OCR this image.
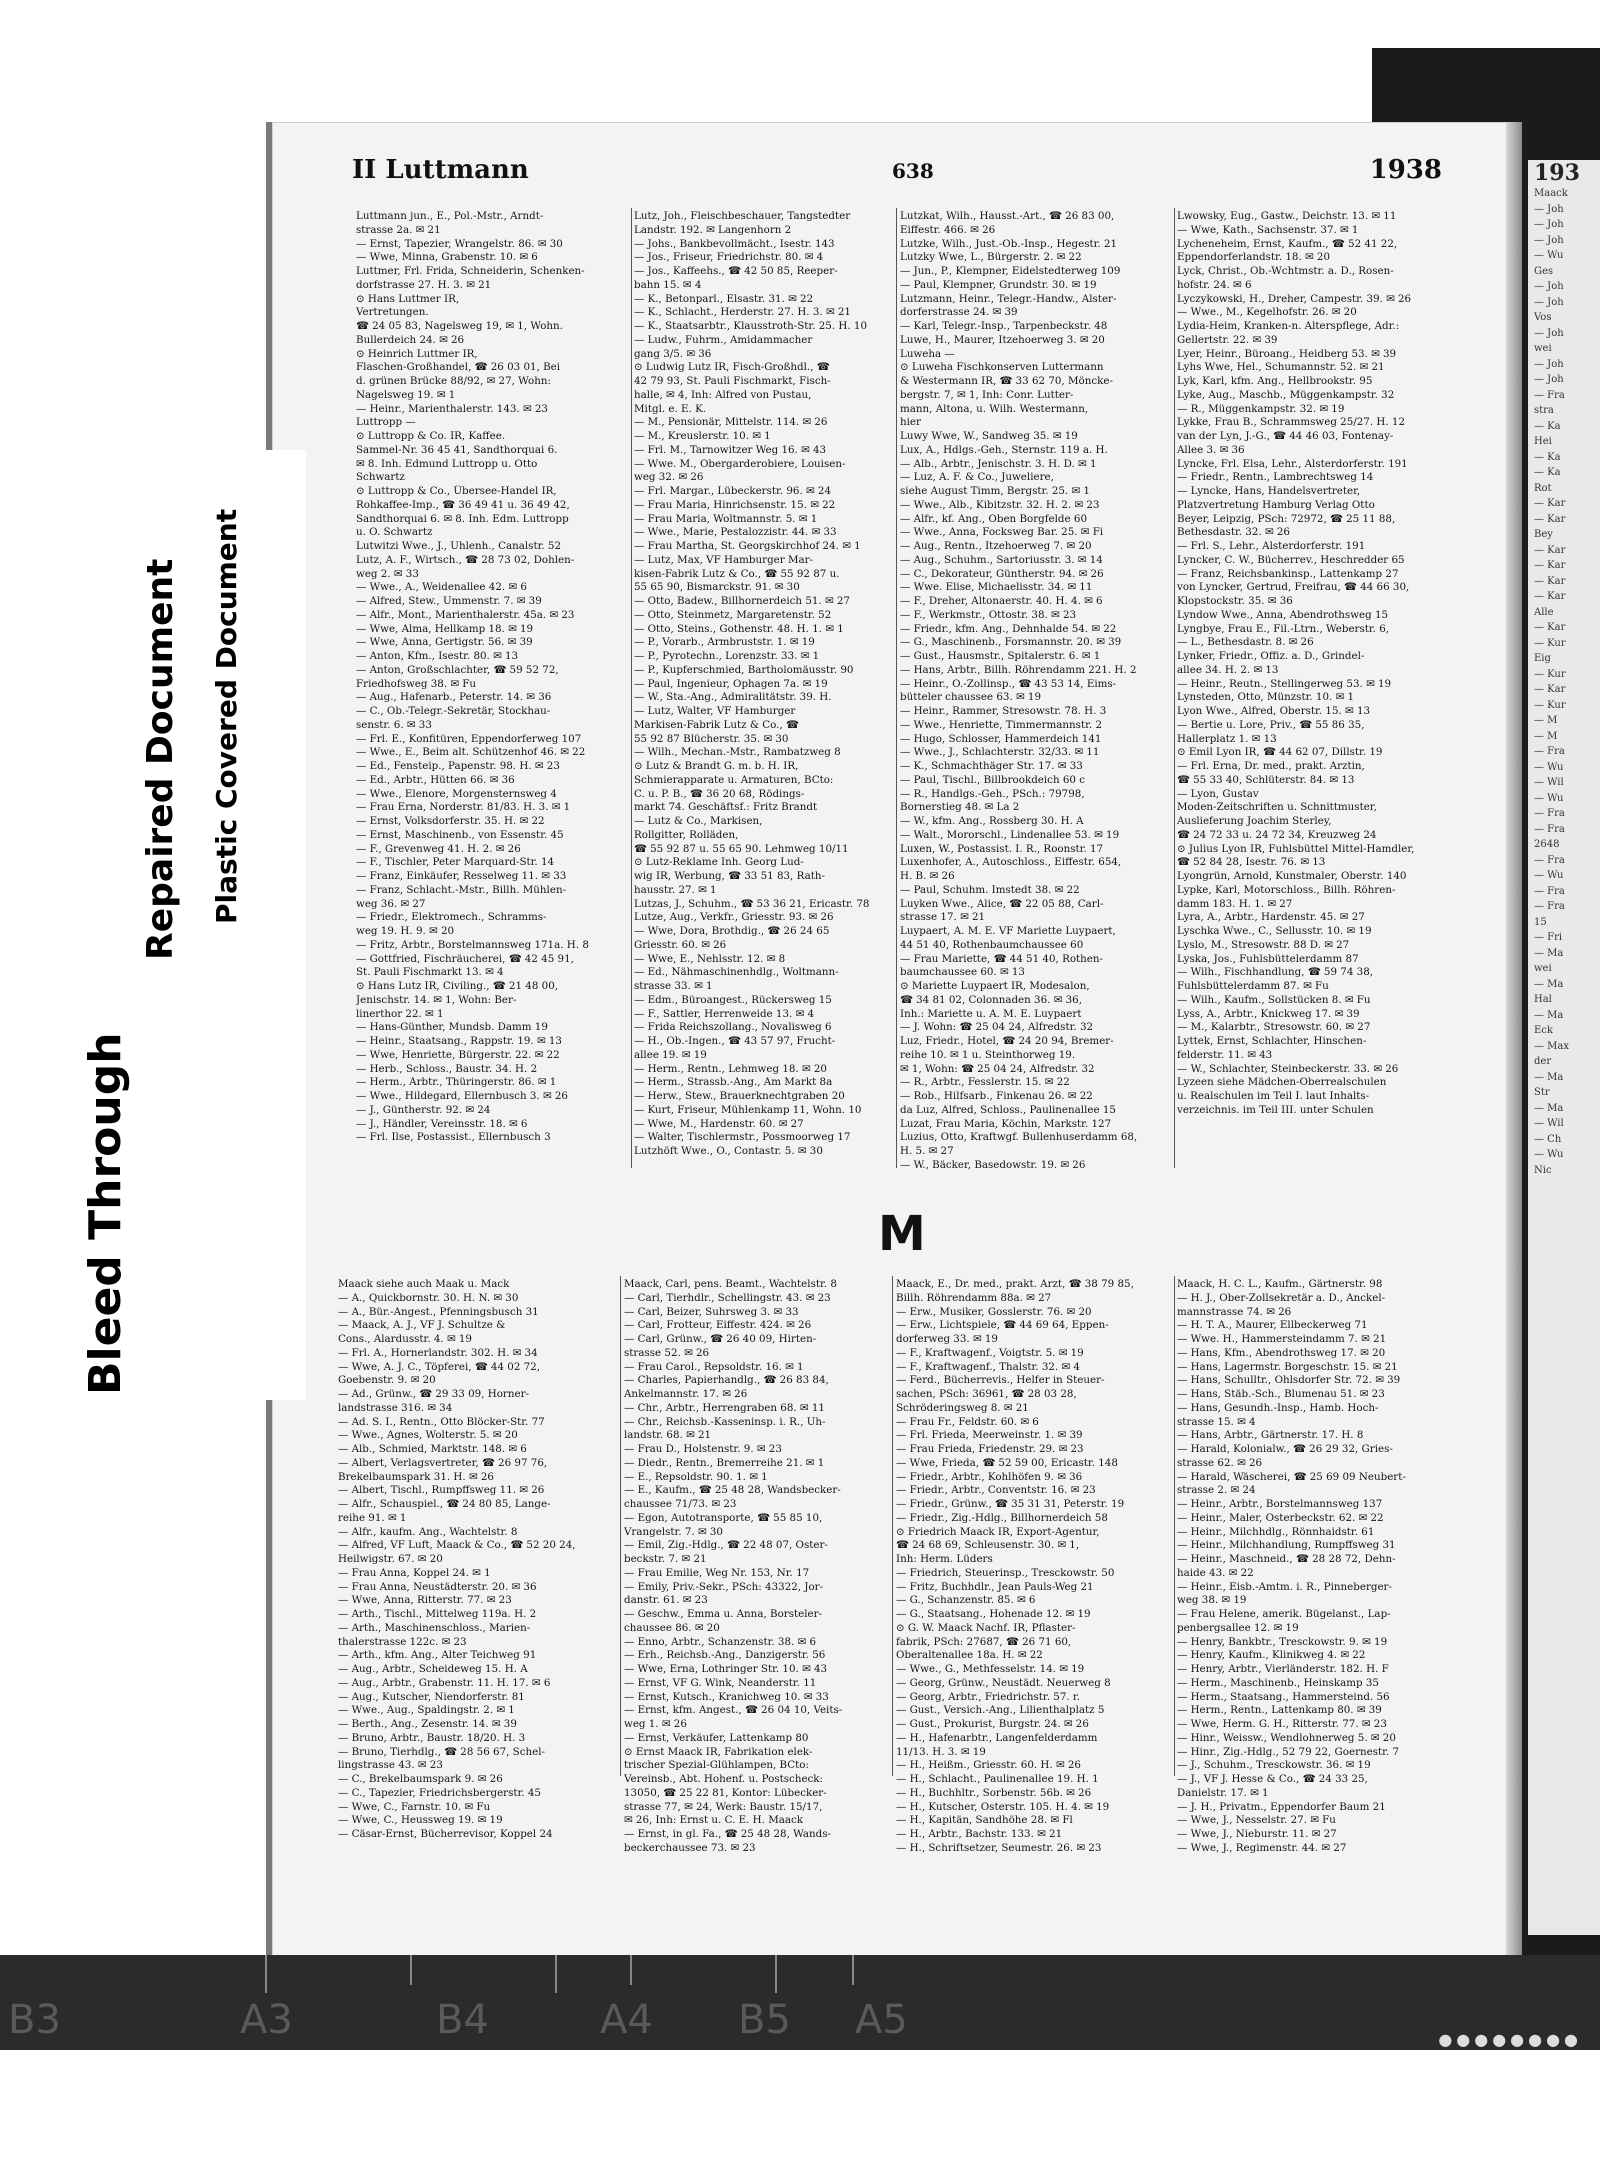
193
Maack
— Joh
— Joh
— Joh
— Wu
Ges
— Joh
— Joh
Vos
— Joh
wei
— Joh
— Joh
— Fra
stra
— Ka
Hei
— Ka
— Ka
Rot
— Kar
— Kar
Bey
— Kar
— Kar
— Kar
— Kar
Alle
— Kar
— Kur
Eig
— Kur
— Kar
— Kur
— M
— M
— Fra
— Wu
— Wil
— Wu
— Fra
— Fra
2648
— Fra
— Wu
— Fra
— Fra
15
— Fri
— Ma
wei
— Ma
Hal
— Ma
Eck
— Max
der
— Ma
Str
— Ma
— Wil
— Ch
— Wu
Nic
II Luttmann	638	1938
Luttmann jun., E., Pol.-Mstr., Arndt-
strasse 2a. ✉ 21
— Ernst, Tapezier, Wrangelstr. 86. ✉ 30
— Wwe, Minna, Grabenstr. 10. ✉ 6
Luttmer, Frl. Frida, Schneiderin, Schenken-
dorfstrasse 27. H. 3. ✉ 21
⊙ Hans Luttmer IR,
Vertretungen.
☎ 24 05 83, Nagelsweg 19, ✉ 1, Wohn.
Bullerdeich 24. ✉ 26
⊙ Heinrich Luttmer IR,
Flaschen-Großhandel, ☎ 26 03 01, Bei
d. grünen Brücke 88/92, ✉ 27, Wohn:
Nagelsweg 19. ✉ 1
— Heinr., Marienthalerstr. 143. ✉ 23
Luttropp —
⊙ Luttropp & Co. IR, Kaffee.
Sammel-Nr. 36 45 41, Sandthorquai 6.
✉ 8. Inh. Edmund Luttropp u. Otto
Schwartz
⊙ Luttropp & Co., Übersee-Handel IR,
Rohkaffee-Imp., ☎ 36 49 41 u. 36 49 42,
Sandthorquai 6. ✉ 8. Inh. Edm. Luttropp
u. O. Schwartz
Lutwitzi Wwe., J., Uhlenh., Canalstr. 52
Lutz, A. F., Wirtsch., ☎ 28 73 02, Dohlen-
weg 2. ✉ 33
— Wwe., A., Weidenallee 42. ✉ 6
— Alfred, Stew., Ummenstr. 7. ✉ 39
— Alfr., Mont., Marienthalerstr. 45a. ✉ 23
— Wwe, Alma, Hellkamp 18. ✉ 19
— Wwe, Anna, Gertigstr. 56. ✉ 39
— Anton, Kfm., Isestr. 80. ✉ 13
— Anton, Großschlachter, ☎ 59 52 72,
Friedhofsweg 38. ✉ Fu
— Aug., Hafenarb., Peterstr. 14. ✉ 36
— C., Ob.-Telegr.-Sekretär, Stockhau-
senstr. 6. ✉ 33
— Frl. E., Konfitüren, Eppendorferweg 107
— Wwe., E., Beim alt. Schützenhof 46. ✉ 22
— Ed., Fensteip., Papenstr. 98. H. ✉ 23
— Ed., Arbtr., Hütten 66. ✉ 36
— Wwe., Elenore, Morgensternsweg 4
— Frau Erna, Norderstr. 81/83. H. 3. ✉ 1
— Ernst, Volksdorferstr. 35. H. ✉ 22
— Ernst, Maschinenb., von Essenstr. 45
— F., Grevenweg 41. H. 2. ✉ 26
— F., Tischler, Peter Marquard-Str. 14
— Franz, Einkäufer, Resselweg 11. ✉ 33
— Franz, Schlacht.-Mstr., Billh. Mühlen-
weg 36. ✉ 27
— Friedr., Elektromech., Schramms-
weg 19. H. 9. ✉ 20
— Fritz, Arbtr., Borstelmannsweg 171a. H. 8
— Gottfried, Fischräucherei, ☎ 42 45 91,
St. Pauli Fischmarkt 13. ✉ 4
⊙ Hans Lutz IR, Civiling., ☎ 21 48 00,
Jenischstr. 14. ✉ 1, Wohn: Ber-
linerthor 22. ✉ 1
— Hans-Günther, Mundsb. Damm 19
— Heinr., Staatsang., Rappstr. 19. ✉ 13
— Wwe, Henriette, Bürgerstr. 22. ✉ 22
— Herb., Schloss., Baustr. 34. H. 2
— Herm., Arbtr., Thüringerstr. 86. ✉ 1
— Wwe., Hildegard, Ellernbusch 3. ✉ 26
— J., Güntherstr. 92. ✉ 24
— J., Händler, Vereinsstr. 18. ✉ 6
— Frl. Ilse, Postassist., Ellernbusch 3
Lutz, Joh., Fleischbeschauer, Tangstedter
Landstr. 192. ✉ Langenhorn 2
— Johs., Bankbevollmächt., Isestr. 143
— Jos., Friseur, Friedrichstr. 80. ✉ 4
— Jos., Kaffeehs., ☎ 42 50 85, Reeper-
bahn 15. ✉ 4
— K., Betonparl., Elsastr. 31. ✉ 22
— K., Schlacht., Herderstr. 27. H. 3. ✉ 21
— K., Staatsarbtr., Klausstroth-Str. 25. H. 10
— Ludw., Fuhrm., Amidammacher
gang 3/5. ✉ 36
⊙ Ludwig Lutz IR, Fisch-Großhdl., ☎
42 79 93, St. Pauli Fischmarkt, Fisch-
halle, ✉ 4, Inh: Alfred von Pustau,
Mitgl. e. E. K.
— M., Pensionär, Mittelstr. 114. ✉ 26
— M., Kreuslerstr. 10. ✉ 1
— Frl. M., Tarnowitzer Weg 16. ✉ 43
— Wwe. M., Obergarderobiere, Louisen-
weg 32. ✉ 26
— Frl. Margar., Lübeckerstr. 96. ✉ 24
— Frau Maria, Hinrichsenstr. 15. ✉ 22
— Frau Maria, Woltmannstr. 5. ✉ 1
— Wwe., Marie, Pestalozzistr. 44. ✉ 33
— Frau Martha, St. Georgskirchhof 24. ✉ 1
— Lutz, Max, VF Hamburger Mar-
kisen-Fabrik Lutz & Co., ☎ 55 92 87 u.
55 65 90, Bismarckstr. 91. ✉ 30
— Otto, Badew., Billhornerdeich 51. ✉ 27
— Otto, Steinmetz, Margaretenstr. 52
— Otto, Steins., Gothenstr. 48. H. 1. ✉ 1
— P., Vorarb., Armbruststr. 1. ✉ 19
— P., Pyrotechn., Lorenzstr. 33. ✉ 1
— P., Kupferschmied, Bartholomäusstr. 90
— Paul, Ingenieur, Ophagen 7a. ✉ 19
— W., Sta.-Ang., Admiralitätstr. 39. H.
— Lutz, Walter, VF Hamburger
Markisen-Fabrik Lutz & Co., ☎
55 92 87 Blücherstr. 35. ✉ 30
— Wilh., Mechan.-Mstr., Rambatzweg 8
⊙ Lutz & Brandt G. m. b. H. IR,
Schmierapparate u. Armaturen, BCto:
C. u. P. B., ☎ 36 20 68, Rödings-
markt 74. Geschäftsf.: Fritz Brandt
— Lutz & Co., Markisen,
Rollgitter, Rolläden,
☎ 55 92 87 u. 55 65 90. Lehmweg 10/11
⊙ Lutz-Reklame Inh. Georg Lud-
wig IR, Werbung, ☎ 33 51 83, Rath-
hausstr. 27. ✉ 1
Lutzas, J., Schuhm., ☎ 53 36 21, Ericastr. 78
Lutze, Aug., Verkfr., Griesstr. 93. ✉ 26
— Wwe, Dora, Brothdig., ☎ 26 24 65
Griesstr. 60. ✉ 26
— Wwe, E., Nehlsstr. 12. ✉ 8
— Ed., Nähmaschinenhdlg., Woltmann-
strasse 33. ✉ 1
— Edm., Büroangest., Rückersweg 15
— F., Sattler, Herrenweide 13. ✉ 4
— Frida Reichszollang., Novalisweg 6
— H., Ob.-Ingen., ☎ 43 57 97, Frucht-
allee 19. ✉ 19
— Herm., Rentn., Lehmweg 18. ✉ 20
— Herm., Strassb.-Ang., Am Markt 8a
— Herw., Stew., Brauerknechtgraben 20
— Kurt, Friseur, Mühlenkamp 11, Wohn. 10
— Wwe, M., Hardenstr. 60. ✉ 27
— Walter, Tischlermstr., Possmoorweg 17
Lutzhöft Wwe., O., Contastr. 5. ✉ 30
Lutzkat, Wilh., Hausst.-Art., ☎ 26 83 00,
Eiffestr. 466. ✉ 26
Lutzke, Wilh., Just.-Ob.-Insp., Hegestr. 21
Lutzky Wwe, L., Bürgerstr. 2. ✉ 22
— Jun., P., Klempner, Eidelstedterweg 109
— Paul, Klempner, Grundstr. 30. ✉ 19
Lutzmann, Heinr., Telegr.-Handw., Alster-
dorferstrasse 24. ✉ 39
— Karl, Telegr.-Insp., Tarpenbeckstr. 48
Luwe, H., Maurer, Itzehoerweg 3. ✉ 20
Luweha —
⊙ Luweha Fischkonserven Luttermann
& Westermann IR, ☎ 33 62 70, Mönckе-
bergstr. 7, ✉ 1, Inh: Conr. Lutter-
mann, Altona, u. Wilh. Westermann,
hier
Luwy Wwe, W., Sandweg 35. ✉ 19
Lux, A., Hdlgs.-Geh., Sternstr. 119 a. H.
— Alb., Arbtr., Jenischstr. 3. H. D. ✉ 1
— Luz, A. F. & Co., Juweliere,
siehe August Timm, Bergstr. 25. ✉ 1
— Wwe., Alb., Kibitzstr. 32. H. 2. ✉ 23
— Alfr., kf. Ang., Oben Borgfelde 60
— Wwe., Anna, Focksweg Bar. 25. ✉ Fi
— Aug., Rentn., Itzehoerweg 7. ✉ 20
— Aug., Schuhm., Sartoriusstr. 3. ✉ 14
— C., Dekorateur, Güntherstr. 94. ✉ 26
— Wwe. Elise, Michaelisstr. 34. ✉ 11
— F., Dreher, Altonaerstr. 40. H. 4. ✉ 6
— F., Werkmstr., Ottostr. 38. ✉ 23
— Friedr., kfm. Ang., Dehnhalde 54. ✉ 22
— G., Maschinenb., Forsmannstr. 20. ✉ 39
— Gust., Hausmstr., Spitalerstr. 6. ✉ 1
— Hans, Arbtr., Billh. Röhrendamm 221. H. 2
— Heinr., O.-Zollinsp., ☎ 43 53 14, Eims-
bütteler chaussee 63. ✉ 19
— Heinr., Rammer, Stresowstr. 78. H. 3
— Wwe., Henriette, Timmermannstr. 2
— Hugo, Schlosser, Hammerdeich 141
— Wwe., J., Schlachterstr. 32/33. ✉ 11
— K., Schmachthäger Str. 17. ✉ 33
— Paul, Tischl., Billbrookdeich 60 c
— R., Handlgs.-Geh., PSch.: 79798,
Bornerstieg 48. ✉ La 2
— W., kfm. Ang., Rossberg 30. H. A
— Walt., Mororschl., Lindenallee 53. ✉ 19
Luxen, W., Postassist. I. R., Roonstr. 17
Luxenhofer, A., Autoschloss., Eiffestr. 654,
H. B. ✉ 26
— Paul, Schuhm. Imstedt 38. ✉ 22
Luyken Wwe., Alice, ☎ 22 05 88, Carl-
strasse 17. ✉ 21
Luypaert, A. M. E. VF Mariette Luypaert,
44 51 40, Rothenbaumchaussee 60
— Frau Mariette, ☎ 44 51 40, Rothen-
baumchaussee 60. ✉ 13
⊙ Mariette Luypaert IR, Modesalon,
☎ 34 81 02, Colonnaden 36. ✉ 36,
Inh.: Mariette u. A. M. E. Luypaert
— J. Wohn: ☎ 25 04 24, Alfredstr. 32
Luz, Friedr., Hotel, ☎ 24 20 94, Bremer-
reihe 10. ✉ 1 u. Steinthorweg 19.
✉ 1, Wohn: ☎ 25 04 24, Alfredstr. 32
— R., Arbtr., Fesslerstr. 15. ✉ 22
— Rob., Hilfsarb., Finkenau 26. ✉ 22
da Luz, Alfred, Schloss., Paulinenallee 15
Luzat, Frau Maria, Köchin, Markstr. 127
Luzius, Otto, Kraftwgf. Bullenhuserdamm 68,
H. 5. ✉ 27
— W., Bäcker, Basedowstr. 19. ✉ 26
Lwowsky, Eug., Gastw., Deichstr. 13. ✉ 11
— Wwe, Kath., Sachsenstr. 37. ✉ 1
Lycheneheim, Ernst, Kaufm., ☎ 52 41 22,
Eppendorferlandstr. 18. ✉ 20
Lyck, Christ., Ob.-Wchtmstr. a. D., Rosen-
hofstr. 24. ✉ 6
Lyczykowski, H., Dreher, Campestr. 39. ✉ 26
— Wwe., M., Kegelhofstr. 26. ✉ 20
Lydia-Heim, Kranken-n. Alterspflege, Adr.:
Gellertstr. 22. ✉ 39
Lyer, Heinr., Büroang., Heidberg 53. ✉ 39
Lyhs Wwe, Hel., Schumannstr. 52. ✉ 21
Lyk, Karl, kfm. Ang., Hellbrookstr. 95
Lyke, Aug., Maschb., Müggenkampstr. 32
— R., Müggenkampstr. 32. ✉ 19
Lykke, Frau B., Schrammsweg 25/27. H. 12
van der Lyn, J.-G., ☎ 44 46 03, Fontenay-
Allee 3. ✉ 36
Lyncke, Frl. Elsa, Lehr., Alsterdorferstr. 191
— Friedr., Rentn., Lambrechtsweg 14
— Lyncke, Hans, Handelsvertreter,
Platzvertretung Hamburg Verlag Otto
Beyer, Leipzig, PSch: 72972, ☎ 25 11 88,
Bethesdastr. 32. ✉ 26
— Frl. S., Lehr., Alsterdorferstr. 191
Lyncker, C. W., Bücherrev., Heschredder 65
— Franz, Reichsbankinsp., Lattenkamp 27
von Lyncker, Gertrud, Freifrau, ☎ 44 66 30,
Klopstockstr. 35. ✉ 36
Lyndow Wwe., Anna, Abendrothsweg 15
Lyngbye, Frau E., Fil.-Ltrn., Weberstr. 6,
— L., Bethesdastr. 8. ✉ 26
Lynker, Friedr., Offiz. a. D., Grindel-
allee 34. H. 2. ✉ 13
— Heinr., Reutn., Stellingerweg 53. ✉ 19
Lynsteden, Otto, Münzstr. 10. ✉ 1
Lyon Wwe., Alfred, Oberstr. 15. ✉ 13
— Bertie u. Lore, Priv., ☎ 55 86 35,
Hallerplatz 1. ✉ 13
⊙ Emil Lyon IR, ☎ 44 62 07, Dillstr. 19
— Frl. Erna, Dr. med., prakt. Arztin,
☎ 55 33 40, Schlüterstr. 84. ✉ 13
— Lyon, Gustav
Moden-Zeitschriften u. Schnittmuster,
Auslieferung Joachim Sterley,
☎ 24 72 33 u. 24 72 34, Kreuzweg 24
⊙ Julius Lyon IR, Fuhlsbüttel Mittel-Hamdler,
☎ 52 84 28, Isestr. 76. ✉ 13
Lyongrün, Arnold, Kunstmaler, Oberstr. 140
Lypke, Karl, Motorschloss., Billh. Röhren-
damm 183. H. 1. ✉ 27
Lyra, A., Arbtr., Hardenstr. 45. ✉ 27
Lyschka Wwe., C., Sellusstr. 10. ✉ 19
Lyslo, M., Stresowstr. 88 D. ✉ 27
Lyska, Jos., Fuhlsbüttelerdamm 87
— Wilh., Fischhandlung, ☎ 59 74 38,
Fuhlsbüttelerdamm 87. ✉ Fu
— Wilh., Kaufm., Sollstücken 8. ✉ Fu
Lyss, A., Arbtr., Knickweg 17. ✉ 39
— M., Kalarbtr., Stresowstr. 60. ✉ 27
Lyttek, Ernst, Schlachter, Hinschen-
felderstr. 11. ✉ 43
— W., Schlachter, Steinbeckerstr. 33. ✉ 26
Lyzeen siehe Mädchen-Oberrealschulen
u. Realschulen im Teil I. laut Inhalts-
verzeichnis. im Teil III. unter Schulen
M
Maack siehe auch Maak u. Mack
— A., Quickbornstr. 30. H. N. ✉ 30
— A., Bür.-Angest., Pfenningsbusch 31
— Maack, A. J., VF J. Schultze &
Cons., Alardusstr. 4. ✉ 19
— Frl. A., Hornerlandstr. 302. H. ✉ 34
— Wwe, A. J. C., Töpferei, ☎ 44 02 72,
Goebenstr. 9. ✉ 20
— Ad., Grünw., ☎ 29 33 09, Horner-
landstrasse 316. ✉ 34
— Ad. S. I., Rentn., Otto Blöcker-Str. 77
— Wwe., Agnes, Wolterstr. 5. ✉ 20
— Alb., Schmied, Marktstr. 148. ✉ 6
— Albert, Verlagsvertreter, ☎ 26 97 76,
Brekelbaumspark 31. H. ✉ 26
— Albert, Tischl., Rumpffsweg 11. ✉ 26
— Alfr., Schauspiel., ☎ 24 80 85, Lange-
reihe 91. ✉ 1
— Alfr., kaufm. Ang., Wachtelstr. 8
— Alfred, VF Luft, Maack & Co., ☎ 52 20 24,
Heilwigstr. 67. ✉ 20
— Frau Anna, Koppel 24. ✉ 1
— Frau Anna, Neustädterstr. 20. ✉ 36
— Wwe, Anna, Ritterstr. 77. ✉ 23
— Arth., Tischl., Mittelweg 119a. H. 2
— Arth., Maschinenschloss., Marien-
thalerstrasse 122c. ✉ 23
— Arth., kfm. Ang., Alter Teichweg 91
— Aug., Arbtr., Scheideweg 15. H. A
— Aug., Arbtr., Grabenstr. 11. H. 17. ✉ 6
— Aug., Kutscher, Niendorferstr. 81
— Wwe., Aug., Spaldingstr. 2. ✉ 1
— Berth., Ang., Zesenstr. 14. ✉ 39
— Bruno, Arbtr., Baustr. 18/20. H. 3
— Bruno, Tierhdlg., ☎ 28 56 67, Schel-
lingstrasse 43. ✉ 23
— C., Brekelbaumspark 9. ✉ 26
— C., Tapezier, Friedrichsbergerstr. 45
— Wwe, C., Farnstr. 10. ✉ Fu
— Wwe, C., Heussweg 19. ✉ 19
— Cäsar-Ernst, Bücherrevisor, Koppel 24
Maack, Carl, pens. Beamt., Wachtelstr. 8
— Carl, Tierhdlr., Schellingstr. 43. ✉ 23
— Carl, Beizer, Suhrsweg 3. ✉ 33
— Carl, Frotteur, Eiffestr. 424. ✉ 26
— Carl, Grünw., ☎ 26 40 09, Hirten-
strasse 52. ✉ 26
— Frau Carol., Repsoldstr. 16. ✉ 1
— Charles, Papierhandlg., ☎ 26 83 84,
Ankelmannstr. 17. ✉ 26
— Chr., Arbtr., Herrengraben 68. ✉ 11
— Chr., Reichsb.-Kasseninsp. i. R., Uh-
landstr. 68. ✉ 21
— Frau D., Holstenstr. 9. ✉ 23
— Diedr., Rentn., Bremerreihe 21. ✉ 1
— E., Repsoldstr. 90. 1. ✉ 1
— E., Kaufm., ☎ 25 48 28, Wandsbecker-
chaussee 71/73. ✉ 23
— Egon, Autotransporte, ☎ 55 85 10,
Vrangelstr. 7. ✉ 30
— Emil, Zig.-Hdlg., ☎ 22 48 07, Oster-
beckstr. 7. ✉ 21
— Frau Emilie, Weg Nr. 153, Nr. 17
— Emily, Priv.-Sekr., PSch: 43322, Jor-
danstr. 61. ✉ 23
— Geschw., Emma u. Anna, Borsteler-
chaussee 86. ✉ 20
— Enno, Arbtr., Schanzenstr. 38. ✉ 6
— Erh., Reichsb.-Ang., Danzigerstr. 56
— Wwe, Erna, Lothringer Str. 10. ✉ 43
— Ernst, VF G. Wink, Neanderstr. 11
— Ernst, Kutsch., Kranichweg 10. ✉ 33
— Ernst, kfm. Angest., ☎ 26 04 10, Veits-
weg 1. ✉ 26
— Ernst, Verkäufer, Lattenkamp 80
⊙ Ernst Maack IR, Fabrikation elek-
trischer Spezial-Glühlampen, BCto:
Vereinsb., Abt. Hohenf. u. Postscheck:
13050, ☎ 25 22 81, Kontor: Lübecker-
strasse 77, ✉ 24, Werk: Baustr. 15/17,
✉ 26, Inh: Ernst u. C. E. H. Maack
— Ernst, in gl. Fa., ☎ 25 48 28, Wands-
beckerchaussee 73. ✉ 23
Maack, E., Dr. med., prakt. Arzt, ☎ 38 79 85,
Billh. Röhrendamm 88a. ✉ 27
— Erw., Musiker, Gosslerstr. 76. ✉ 20
— Erw., Lichtspiele, ☎ 44 69 64, Eppen-
dorferweg 33. ✉ 19
— F., Kraftwagenf., Voigtstr. 5. ✉ 19
— F., Kraftwagenf., Thalstr. 32. ✉ 4
— Ferd., Bücherrevis., Helfer in Steuer-
sachen, PSch: 36961, ☎ 28 03 28,
Schröderingsweg 8. ✉ 21
— Frau Fr., Feldstr. 60. ✉ 6
— Frl. Frieda, Meerweinstr. 1. ✉ 39
— Frau Frieda, Friedenstr. 29. ✉ 23
— Wwe, Frieda, ☎ 52 59 00, Ericastr. 148
— Friedr., Arbtr., Kohlhöfen 9. ✉ 36
— Friedr., Arbtr., Conventstr. 16. ✉ 23
— Friedr., Grünw., ☎ 35 31 31, Peterstr. 19
— Friedr., Zig.-Hdlg., Billhornerdeich 58
⊙ Friedrich Maack IR, Export-Agentur,
☎ 24 68 69, Schleusenstr. 30. ✉ 1,
Inh: Herm. Lüders
— Friedrich, Steuerinsp., Tresckowstr. 50
— Fritz, Buchhdlr., Jean Pauls-Weg 21
— G., Schanzenstr. 85. ✉ 6
— G., Staatsang., Hohenade 12. ✉ 19
⊙ G. W. Maack Nachf. IR, Pflaster-
fabrik, PSch: 27687, ☎ 26 71 60,
Oberaltenallee 18a. H. ✉ 22
— Wwe., G., Methfesselstr. 14. ✉ 19
— Georg, Grünw., Neustädt. Neuerweg 8
— Georg, Arbtr., Friedrichstr. 57. r.
— Gust., Versich.-Ang., Lilienthalplatz 5
— Gust., Prokurist, Burgstr. 24. ✉ 26
— H., Hafenarbtr., Langenfelderdamm
11/13. H. 3. ✉ 19
— H., Heißm., Griesstr. 60. H. ✉ 26
— H., Schlacht., Paulinenallee 19. H. 1
— H., Buchhltr., Sorbenstr. 56b. ✉ 26
— H., Kutscher, Osterstr. 105. H. 4. ✉ 19
— H., Kapitän, Sandhöhe 28. ✉ Fl
— H., Arbtr., Bachstr. 133. ✉ 21
— H., Schriftsetzer, Seumestr. 26. ✉ 23
Maack, H. C. L., Kaufm., Gärtnerstr. 98
— H. J., Ober-Zollsekretär a. D., Anckel-
mannstrasse 74. ✉ 26
— H. T. A., Maurer, Ellbeckerweg 71
— Wwe. H., Hammersteindamm 7. ✉ 21
— Hans, Kfm., Abendrothsweg 17. ✉ 20
— Hans, Lagermstr. Borgeschstr. 15. ✉ 21
— Hans, Schulltr., Ohlsdorfer Str. 72. ✉ 39
— Hans, Stäb.-Sch., Blumenau 51. ✉ 23
— Hans, Gesundh.-Insp., Hamb. Hoch-
strasse 15. ✉ 4
— Hans, Arbtr., Gärtnerstr. 17. H. 8
— Harald, Kolonialw., ☎ 26 29 32, Gries-
strasse 62. ✉ 26
— Harald, Wäscherei, ☎ 25 69 09 Neubert-
strasse 2. ✉ 24
— Heinr., Arbtr., Borstelmannsweg 137
— Heinr., Maler, Osterbeckstr. 62. ✉ 22
— Heinr., Milchhdlg., Rönnhaidstr. 61
— Heinr., Milchhandlung, Rumpffsweg 31
— Heinr., Maschneid., ☎ 28 28 72, Dehn-
haide 43. ✉ 22
— Heinr., Eisb.-Amtm. i. R., Pinneberger-
weg 38. ✉ 19
— Frau Helene, amerik. Bügelanst., Lap-
penbergsallee 12. ✉ 19
— Henry, Bankbtr., Tresckowstr. 9. ✉ 19
— Henry, Kaufm., Klinikweg 4. ✉ 22
— Henry, Arbtr., Vierländerstr. 182. H. F
— Herm., Maschinenb., Heinskamp 35
— Herm., Staatsang., Hammersteind. 56
— Herm., Rentn., Lattenkamp 80. ✉ 39
— Wwe, Herm. G. H., Ritterstr. 77. ✉ 23
— Hinr., Weissw., Wendlohnerweg 5. ✉ 20
— Hinr., Zig.-Hdlg., 52 79 22, Goernestr. 7
— J., Schuhm., Tresckowstr. 36. ✉ 19
— J., VF J. Hesse & Co., ☎ 24 33 25,
Danielstr. 17. ✉ 1
— J. H., Privatm., Eppendorfer Baum 21
— Wwe, J., Nesselstr. 27. ✉ Fu
— Wwe, J., Nieburstr. 11. ✉ 27
— Wwe, J., Regimenstr. 44. ✉ 27
Bleed Through
Repaired Document Plastic Covered Document
B3	A3	B4	A4 B5 A5	●●●●●●●●
